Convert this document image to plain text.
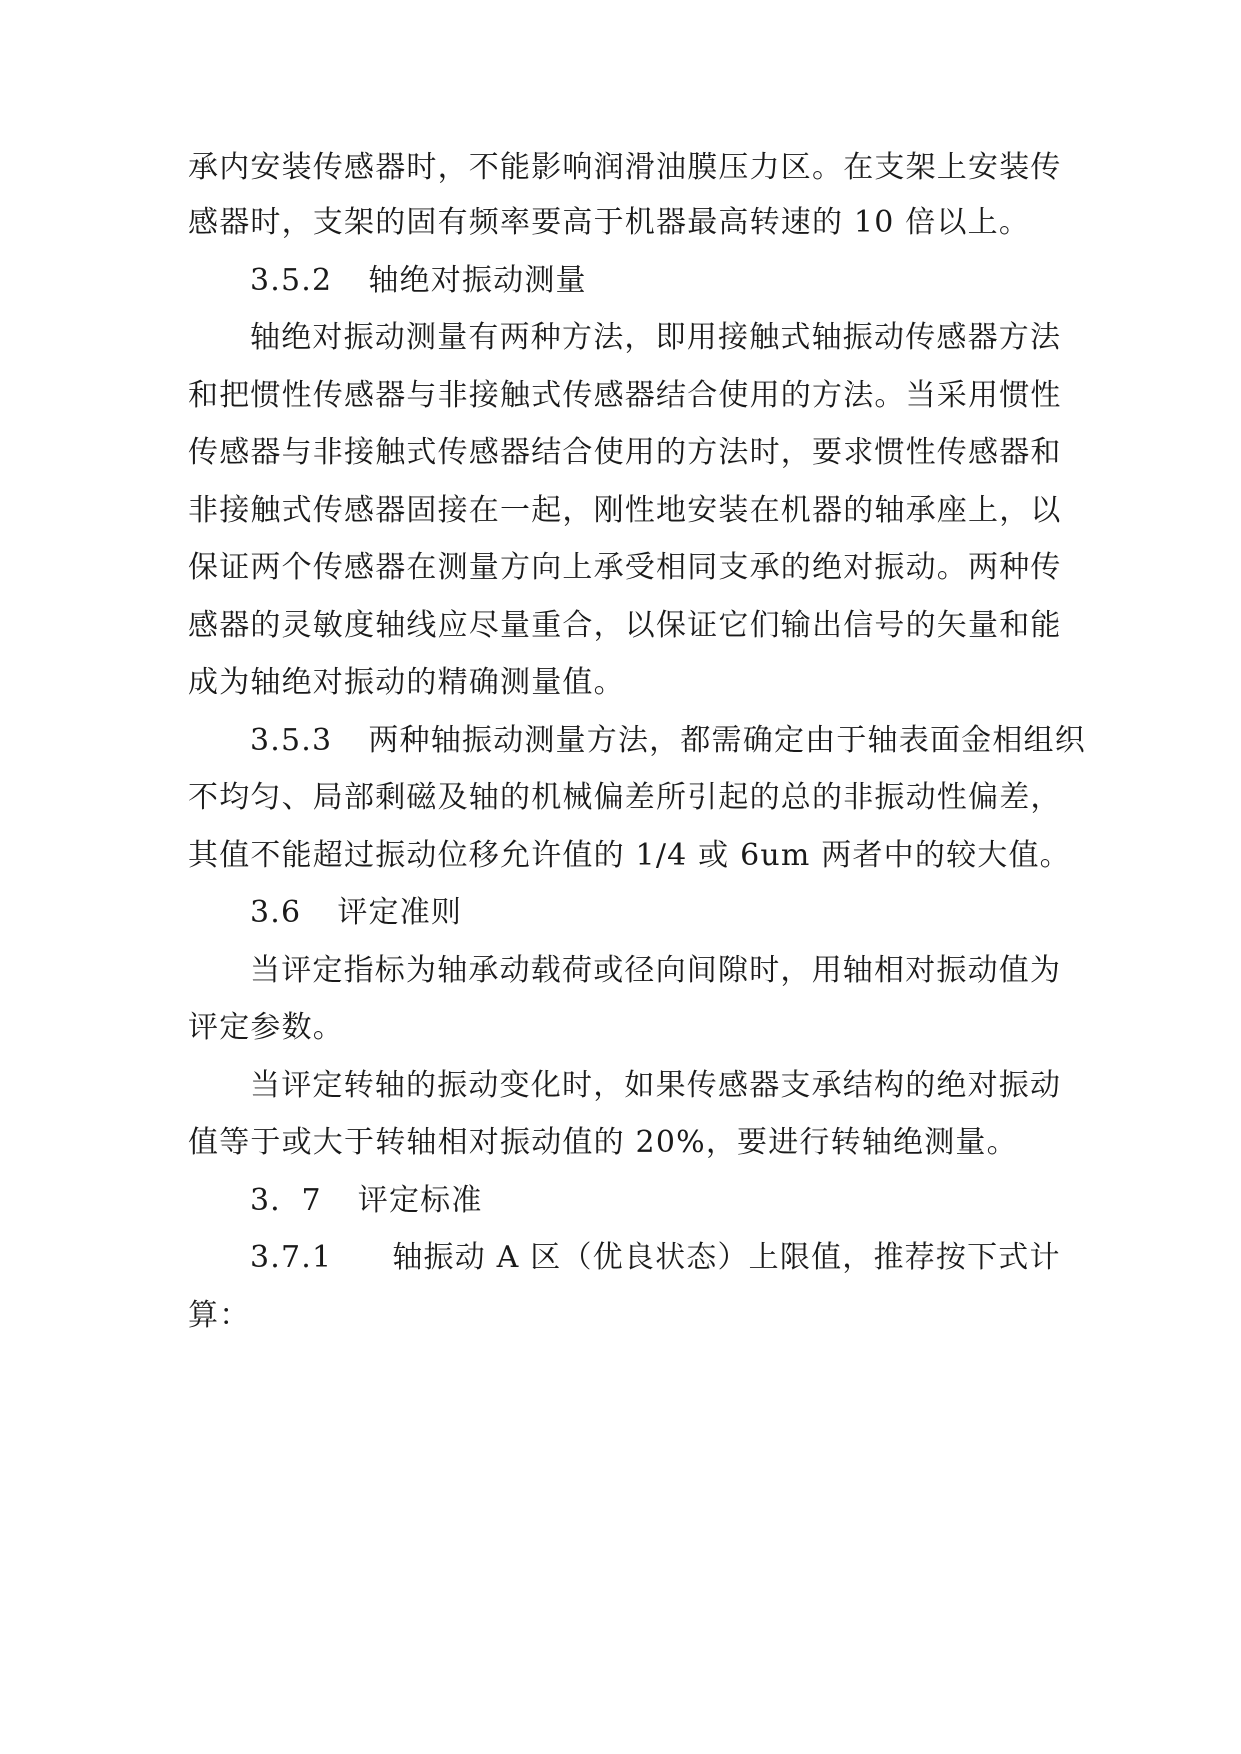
承内安装传感器时，不能影响润滑油膜压力区。在支架上安装传
感器时，支架的固有频率要高于机器最高转速的 10 倍以上。
3.5.2 轴绝对振动测量
轴绝对振动测量有两种方法，即用接触式轴振动传感器方法
和把惯性传感器与非接触式传感器结合使用的方法。当采用惯性
传感器与非接触式传感器结合使用的方法时，要求惯性传感器和
非接触式传感器固接在一起，刚性地安装在机器的轴承座上，以
保证两个传感器在测量方向上承受相同支承的绝对振动。两种传
感器的灵敏度轴线应尽量重合，以保证它们输出信号的矢量和能
成为轴绝对振动的精确测量值。
3.5.3 两种轴振动测量方法，都需确定由于轴表面金相组织
不均匀、局部剩磁及轴的机械偏差所引起的总的非振动性偏差，
其值不能超过振动位移允许值的 1/4 或 6um 两者中的较大值。
3.6 评定准则
当评定指标为轴承动载荷或径向间隙时，用轴相对振动值为
评定参数。
当评定转轴的振动变化时，如果传感器支承结构的绝对振动
值等于或大于转轴相对振动值的 20%，要进行转轴绝测量。
3．7 评定标准
3.7.1 轴振动 A 区（优良状态）上限值，推荐按下式计
算：
